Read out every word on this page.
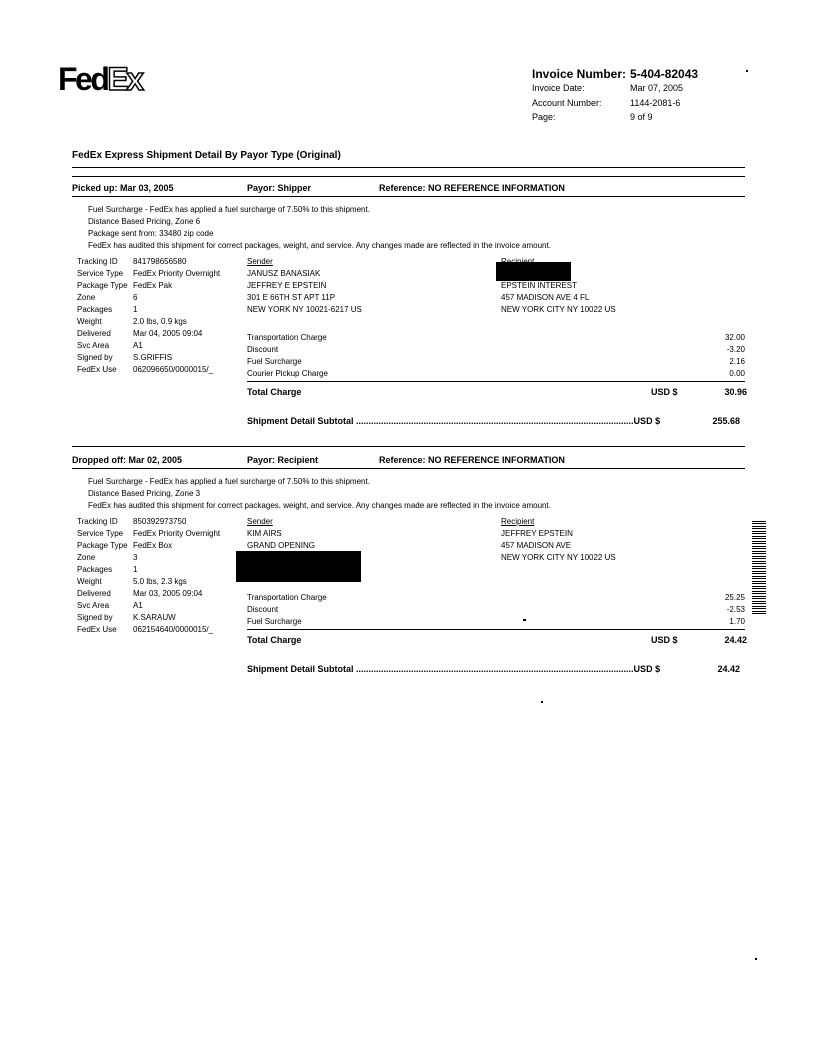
FedEx	Invoice Number: 5-404-82043
Invoice Date:	Mar 07, 2005
Account Number:	1144-2081-6
Page:	9 of 9
FedEx Express Shipment Detail By Payor Type (Original)
Picked up: Mar 03, 2005	Payor: Shipper	Reference: NO REFERENCE INFORMATION
Fuel Surcharge - FedEx has applied a fuel surcharge of 7.50% to this shipment.
Distance Based Pricing, Zone 6
Package sent from: 33480 zip code
FedEx has audited this shipment for correct packages, weight, and service. Any changes made are reflected in the invoice amount.
Tracking ID 841798656580
Service Type FedEx Priority Overnight
Package Type FedEx Pak
Zone	6
Packages	1
Weight	2.0 lbs, 0.9 kgs
Delivered	Mar 04, 2005 09:04
Svc Area	A1
Signed by	S.GRIFFIS
FedEx Use 062096650/0000015/_
Sender
JANUSZ BANASIAK
JEFFREY E EPSTEIN
301 E 66TH ST APT 11P
NEW YORK NY 10021-6217 US
EPSTEIN INTEREST
457 MADISON AVE 4 FL
NEW YORK CITY NY 10022 US
Transportation Charge	32.00
Discount	-3.20
Fuel Surcharge	2.16
Courier Pickup Charge	0.00
Total Charge	USD $	30.96
Shipment Detail Subtotal ...............................................................................................................USD $	255.68
Dropped off: Mar 02, 2005	Payor: Recipient	Reference: NO REFERENCE INFORMATION
Fuel Surcharge - FedEx has applied a fuel surcharge of 7.50% to this shipment.
Distance Based Pricing, Zone 3
FedEx has audited this shipment for correct packages, weight, and service. Any changes made are reflected in the invoice amount.
Tracking ID 850392973750
Service Type FedEx Priority Overnight
Package Type FedEx Box
Zone	3
Packages	1
Weight	5.0 lbs, 2.3 kgs
Delivered	Mar 03, 2005 09:04
Svc Area	A1
Signed by	K.SARAUW
FedEx Use 062154640/0000015/_
Sender
KIM AIRS
GRAND OPENING
Recipient
JEFFREY EPSTEIN
457 MADISON AVE
NEW YORK CITY NY 10022 US
Transportation Charge	25.25
Discount	-2.53
Fuel Surcharge	1.70
Total Charge	USD $	24.42
Shipment Detail Subtotal ...............................................................................................................USD $	24.42
